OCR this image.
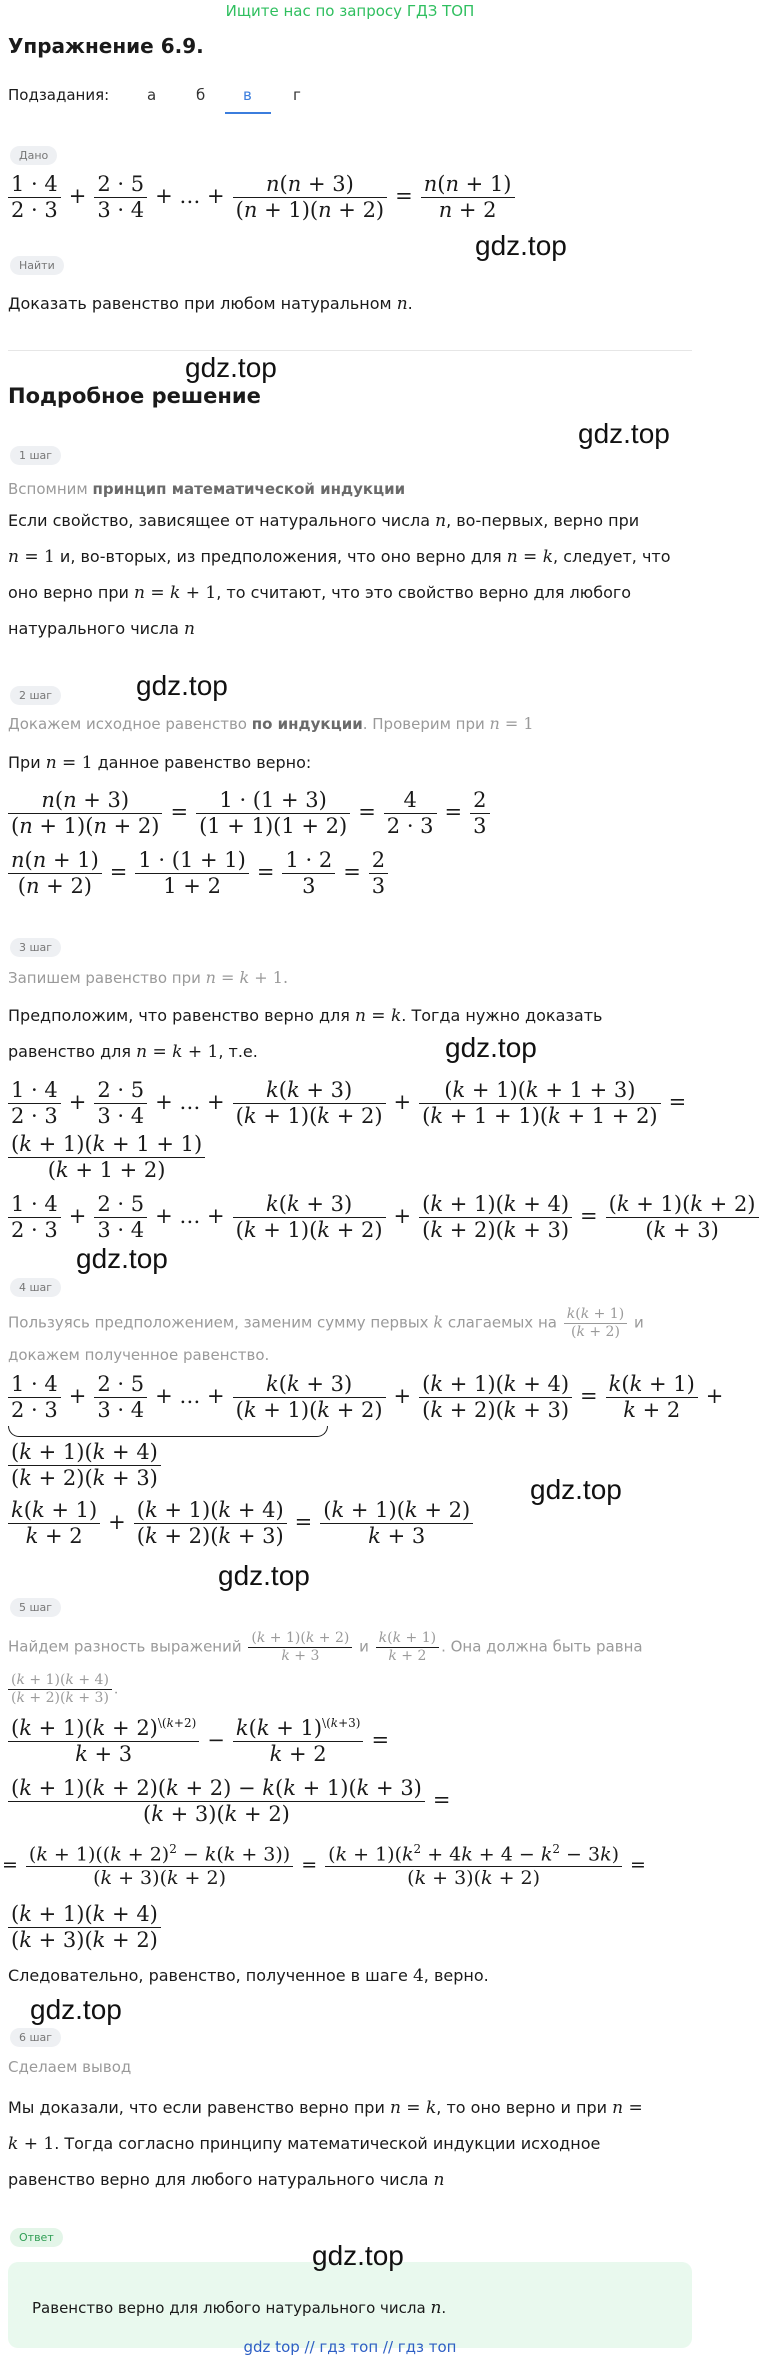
Ищите нас по запросу ГДЗ ТОП
Упражнение 6.9.
Подзадания:	а	б	в	г
Дано
$\frac{1 \cdot 4}{2 \cdot 3} + \frac{2 \cdot 5}{3 \cdot 4}$ + … + $\frac{n(n + 3)}{(n + 1)(n + 2)} = \frac{n(n + 1)}{n + 2}$
gdz.top
Найти
Доказать равенство при любом натуральном n.
gdz.top
Подробное решение
gdz.top
1 шаг
Вспомним принцип математической индукции
Если свойство, зависящее от натурального числа n, во-первых, верно при
n = 1 и, во-вторых, из предположения, что оно верно для n = k, следует, что
оно верно при n = k + 1, то считают, что это свойство верно для любого
натурального числа n
gdz.top
2 шаг
Докажем исходное равенство по индукции. Проверим при n = 1
При n = 1 данное равенство верно:
$\frac{n(n + 3)}{(n + 1)(n + 2)} = \frac{1 \cdot (1 + 3)}{(1 + 1)(1 + 2)} = \frac{4}{2 \cdot 3} = \frac{2}{3}$
$\frac{n(n + 1)}{(n + 2)} = \frac{1 \cdot (1 + 1)}{1 + 2} = \frac{1 \cdot 2}{3} = \frac{2}{3}$
3 шаг
Запишем равенство при n = k + 1.
Предположим, что равенство верно для n = k. Тогда нужно доказать
равенство для n = k + 1, т.е.	gdz.top
$\frac{1 \cdot 4}{2 \cdot 3} + \frac{2 \cdot 5}{3 \cdot 4}$ + … + $\frac{k(k + 3)}{(k + 1)(k + 2)} + \frac{(k + 1)(k + 1 + 3)}{(k + 1 + 1)(k + 1 + 2)}$ =
$\frac{(k + 1)(k + 1 + 1)}{(k + 1 + 2)}$
$\frac{1 \cdot 4}{2 \cdot 3} + \frac{2 \cdot 5}{3 \cdot 4}$ + … + $\frac{k(k + 3)}{(k + 1)(k + 2)} + \frac{(k + 1)(k + 4)}{(k + 2)(k + 3)} = \frac{(k + 1)(k + 2)}{(k + 3)}$
gdz.top
4 шаг
Пользуясь предположением, заменим сумму первых k слагаемых на $\frac{k(k + 1)}{(k + 2)}$ и
докажем полученное равенство.
$\frac{1 \cdot 4}{2 \cdot 3} + \frac{2 \cdot 5}{3 \cdot 4}$ + … + $\frac{k(k + 3)}{(k + 1)(k + 2)} + \frac{(k + 1)(k + 4)}{(k + 2)(k + 3)} = \frac{k(k + 1)}{k + 2}$ +
$\frac{(k + 1)(k + 4)}{(k + 2)(k + 3)}$	gdz.top
$\frac{k(k + 1)}{k + 2} + \frac{(k + 1)(k + 4)}{(k + 2)(k + 3)} = \frac{(k + 1)(k + 2)}{k + 3}$
gdz.top
5 шаг
Найдем разность выражений $\frac{(k + 1)(k + 2)}{k + 3}$ и $\frac{k(k + 1)}{k + 2}$ . Она должна быть равна
$\frac{(k + 1)(k + 4)}{(k + 2)(k + 3)}$ .
$\frac{(k + 1)(k + 2)^{\backslash(k+2)}}{k + 3} - \frac{k(k + 1)^{\backslash(k+3)}}{k + 2}$ =
$\frac{(k + 1)(k + 2)(k + 2) - k(k + 1)(k + 3)}{(k + 3)(k + 2)}$ =
= $\frac{(k + 1)((k + 2)^2 - k(k + 3))}{(k + 3)(k + 2)} = \frac{(k + 1)(k^2 + 4k + 4 - k^2 - 3k)}{(k + 3)(k + 2)}$ =
$\frac{(k + 1)(k + 4)}{(k + 3)(k + 2)}$
Следовательно, равенство, полученное в шаге 4, верно.
gdz.top
6 шаг
Сделаем вывод
Мы доказали, что если равенство верно при n = k, то оно верно и при n =
k + 1. Тогда согласно принципу математической индукции исходное
равенство верно для любого натурального числа n
Ответ
gdz.top
Равенство верно для любого натурального числа n.
gdz top // гдз топ // гдз топ
